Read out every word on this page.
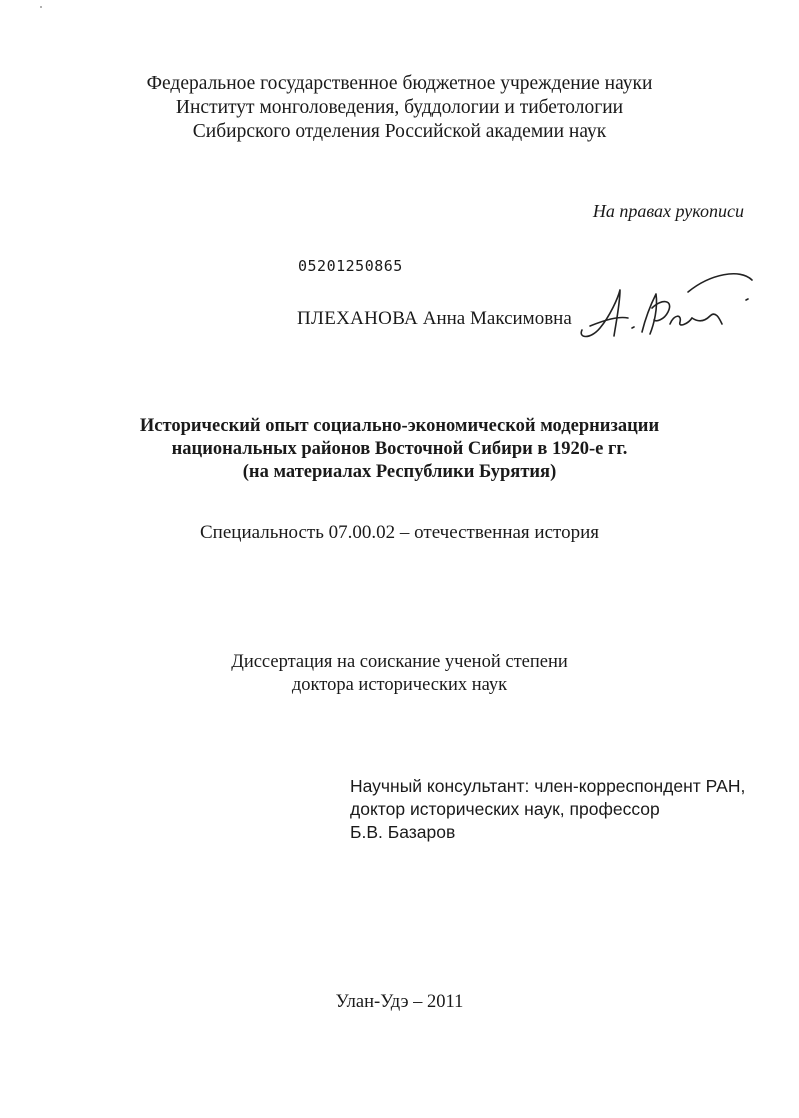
Федеральное государственное бюджетное учреждение науки
Институт монголоведения, буддологии и тибетологии
Сибирского отделения Российской академии наук
На правах рукописи
05201250865
ПЛЕХАНОВА Анна Максимовна
Исторический опыт социально-экономической модернизации
национальных районов Восточной Сибири в 1920-е гг.
(на материалах Республики Бурятия)
Специальность 07.00.02 – отечественная история
Диссертация на соискание ученой степени
доктора исторических наук
Научный консультант: член-корреспондент РАН,
доктор исторических наук, профессор
Б.В. Базаров
Улан-Удэ – 2011
